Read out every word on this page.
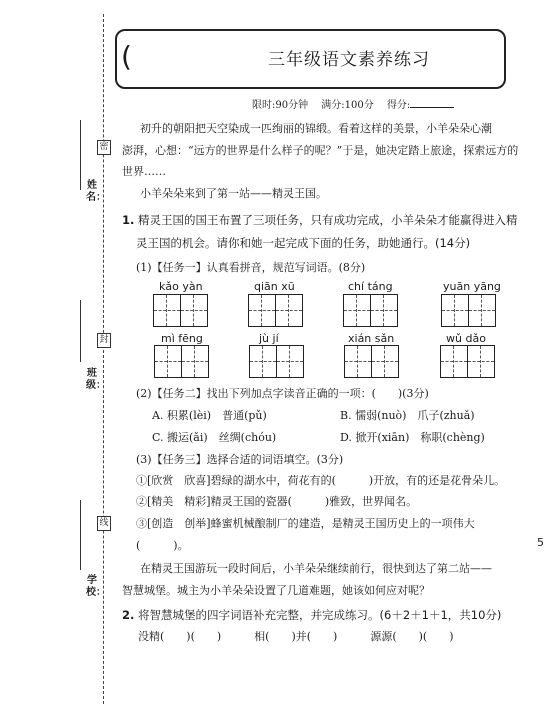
密
封
线
姓名：
班级：
学校：
(	三年级语文素养练习
限时:90分钟　 满分:100分　 得分:
初升的朝阳把天空染成一匹绚丽的锦缎。看着这样的美景，小羊朵朵心潮
澎湃，心想：“远方的世界是什么样子的呢？”于是，她决定踏上旅途，探索远方的
世界……
小羊朵朵来到了第一站——精灵王国。
1. 精灵王国的国王布置了三项任务，只有成功完成，小羊朵朵才能赢得进入精
灵王国的机会。请你和她一起完成下面的任务，助她通行。(14分)
(1)【任务一】认真看拼音，规范写词语。(8分)
kǎo yàn	qiān xū	chí táng	yuān yāng
mì fēng	jù jí	xián sǎn	wǔ dǎo
(2)【任务二】找出下列加点字读音正确的一项：(　　)(3分)
A. 积累(lèi)　普通(pǔ)	B. 懦弱(nuò)　爪子(zhuǎ)
C. 搬运(ǎi)　丝绸(chóu)	D. 掀开(xiān)　称职(chèng)
(3)【任务三】选择合适的词语填空。(3分)
①[欣赏　欣喜]碧绿的湖水中，荷花有的(　　　)开放，有的还是花骨朵儿。
②[精美　精彩]精灵王国的瓷器(　　　)雅致，世界闻名。
③[创造　创举]蜂蜜机械酿制厂的建造，是精灵王国历史上的一项伟大
(　　　)。
在精灵王国游玩一段时间后，小羊朵朵继续前行，很快到达了第二站——
智慧城堡。城主为小羊朵朵设置了几道难题，她该如何应对呢？
2. 将智慧城堡的四字词语补充完整，并完成练习。(6＋2＋1＋1，共10分)
没精(　　)(　　)　　　相(　　)并(　　)　　　源源(　　)(　　)
5
